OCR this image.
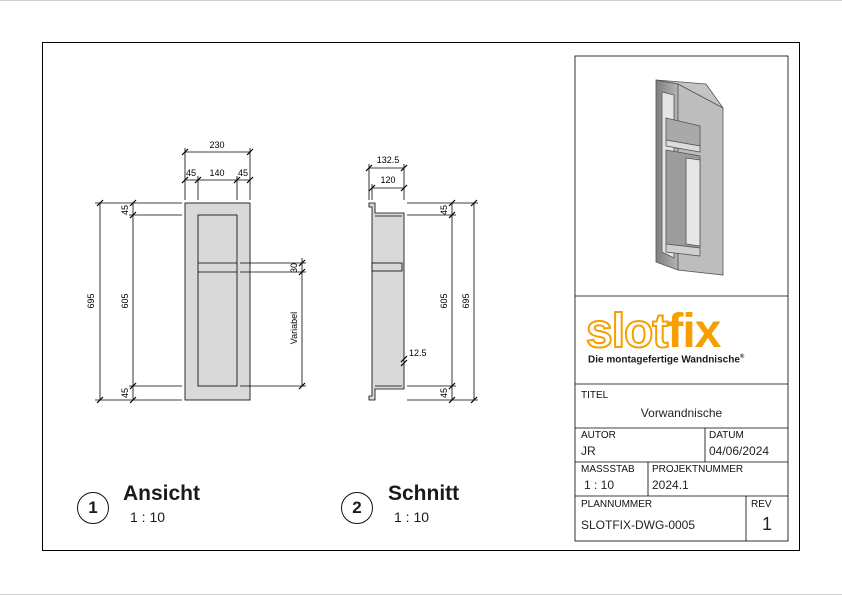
230
45 140 45
695
45
605
45
30
Variabel
132.5
120
45
605
45
695
12.5	slotfix
Die montagefertige Wandnische®
TITEL
Vorwandnische
AUTOR
JR
DATUM
04/06/2024
MASSSTAB
1 : 10
PROJEKTNUMMER
2024.1
PLANNUMMER
SLOTFIX-DWG-0005
REV
1
1
Ansicht
1 : 10	2
Schnitt
1 : 10
